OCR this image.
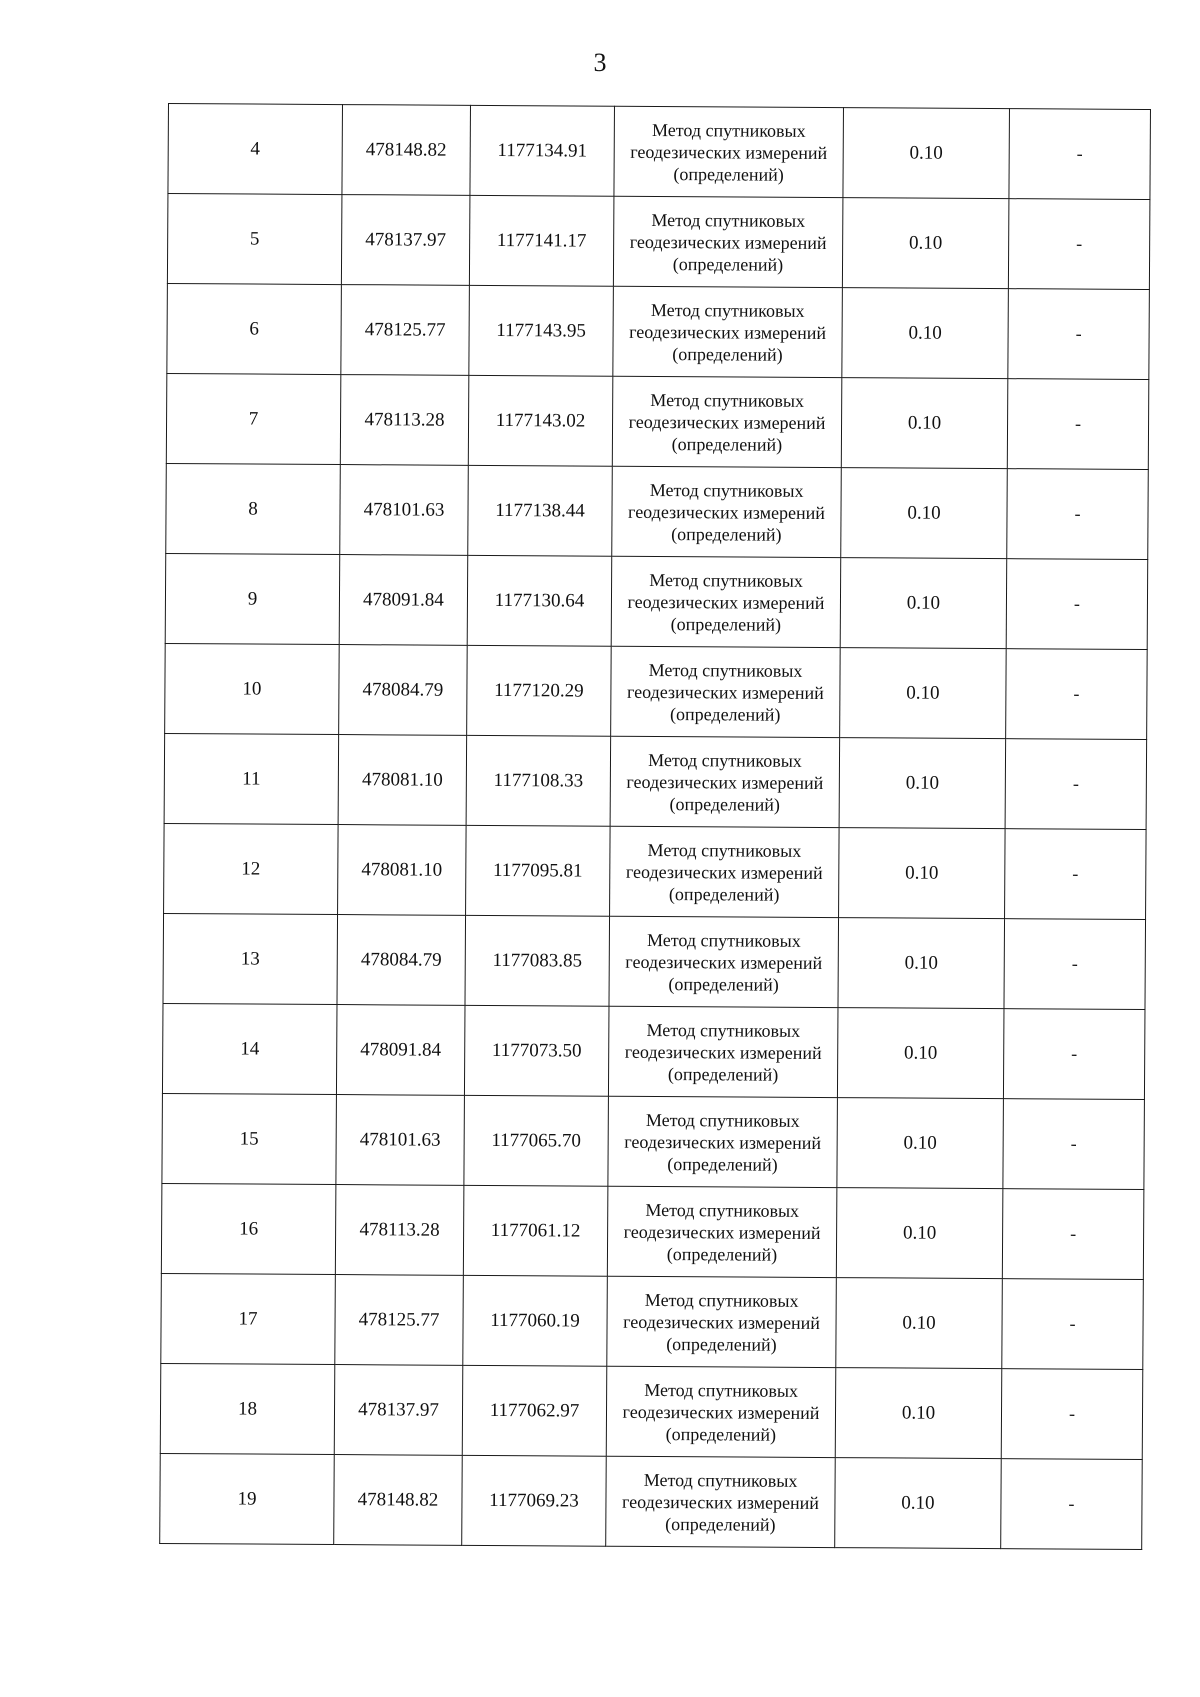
3
4	478148.82	1177134.91	Метод спутниковых геодезических измерений (определений)	0.10	-
5	478137.97	1177141.17	Метод спутниковых геодезических измерений (определений)	0.10	-
6	478125.77	1177143.95	Метод спутниковых геодезических измерений (определений)	0.10	-
7	478113.28	1177143.02	Метод спутниковых геодезических измерений (определений)	0.10	-
8	478101.63	1177138.44	Метод спутниковых геодезических измерений (определений)	0.10	-
9	478091.84	1177130.64	Метод спутниковых геодезических измерений (определений)	0.10	-
10	478084.79	1177120.29	Метод спутниковых геодезических измерений (определений)	0.10	-
11	478081.10	1177108.33	Метод спутниковых геодезических измерений (определений)	0.10	-
12	478081.10	1177095.81	Метод спутниковых геодезических измерений (определений)	0.10	-
13	478084.79	1177083.85	Метод спутниковых геодезических измерений (определений)	0.10	-
14	478091.84	1177073.50	Метод спутниковых геодезических измерений (определений)	0.10	-
15	478101.63	1177065.70	Метод спутниковых геодезических измерений (определений)	0.10	-
16	478113.28	1177061.12	Метод спутниковых геодезических измерений (определений)	0.10	-
17	478125.77	1177060.19	Метод спутниковых геодезических измерений (определений)	0.10	-
18	478137.97	1177062.97	Метод спутниковых геодезических измерений (определений)	0.10	-
19	478148.82	1177069.23	Метод спутниковых геодезических измерений (определений)	0.10	-
